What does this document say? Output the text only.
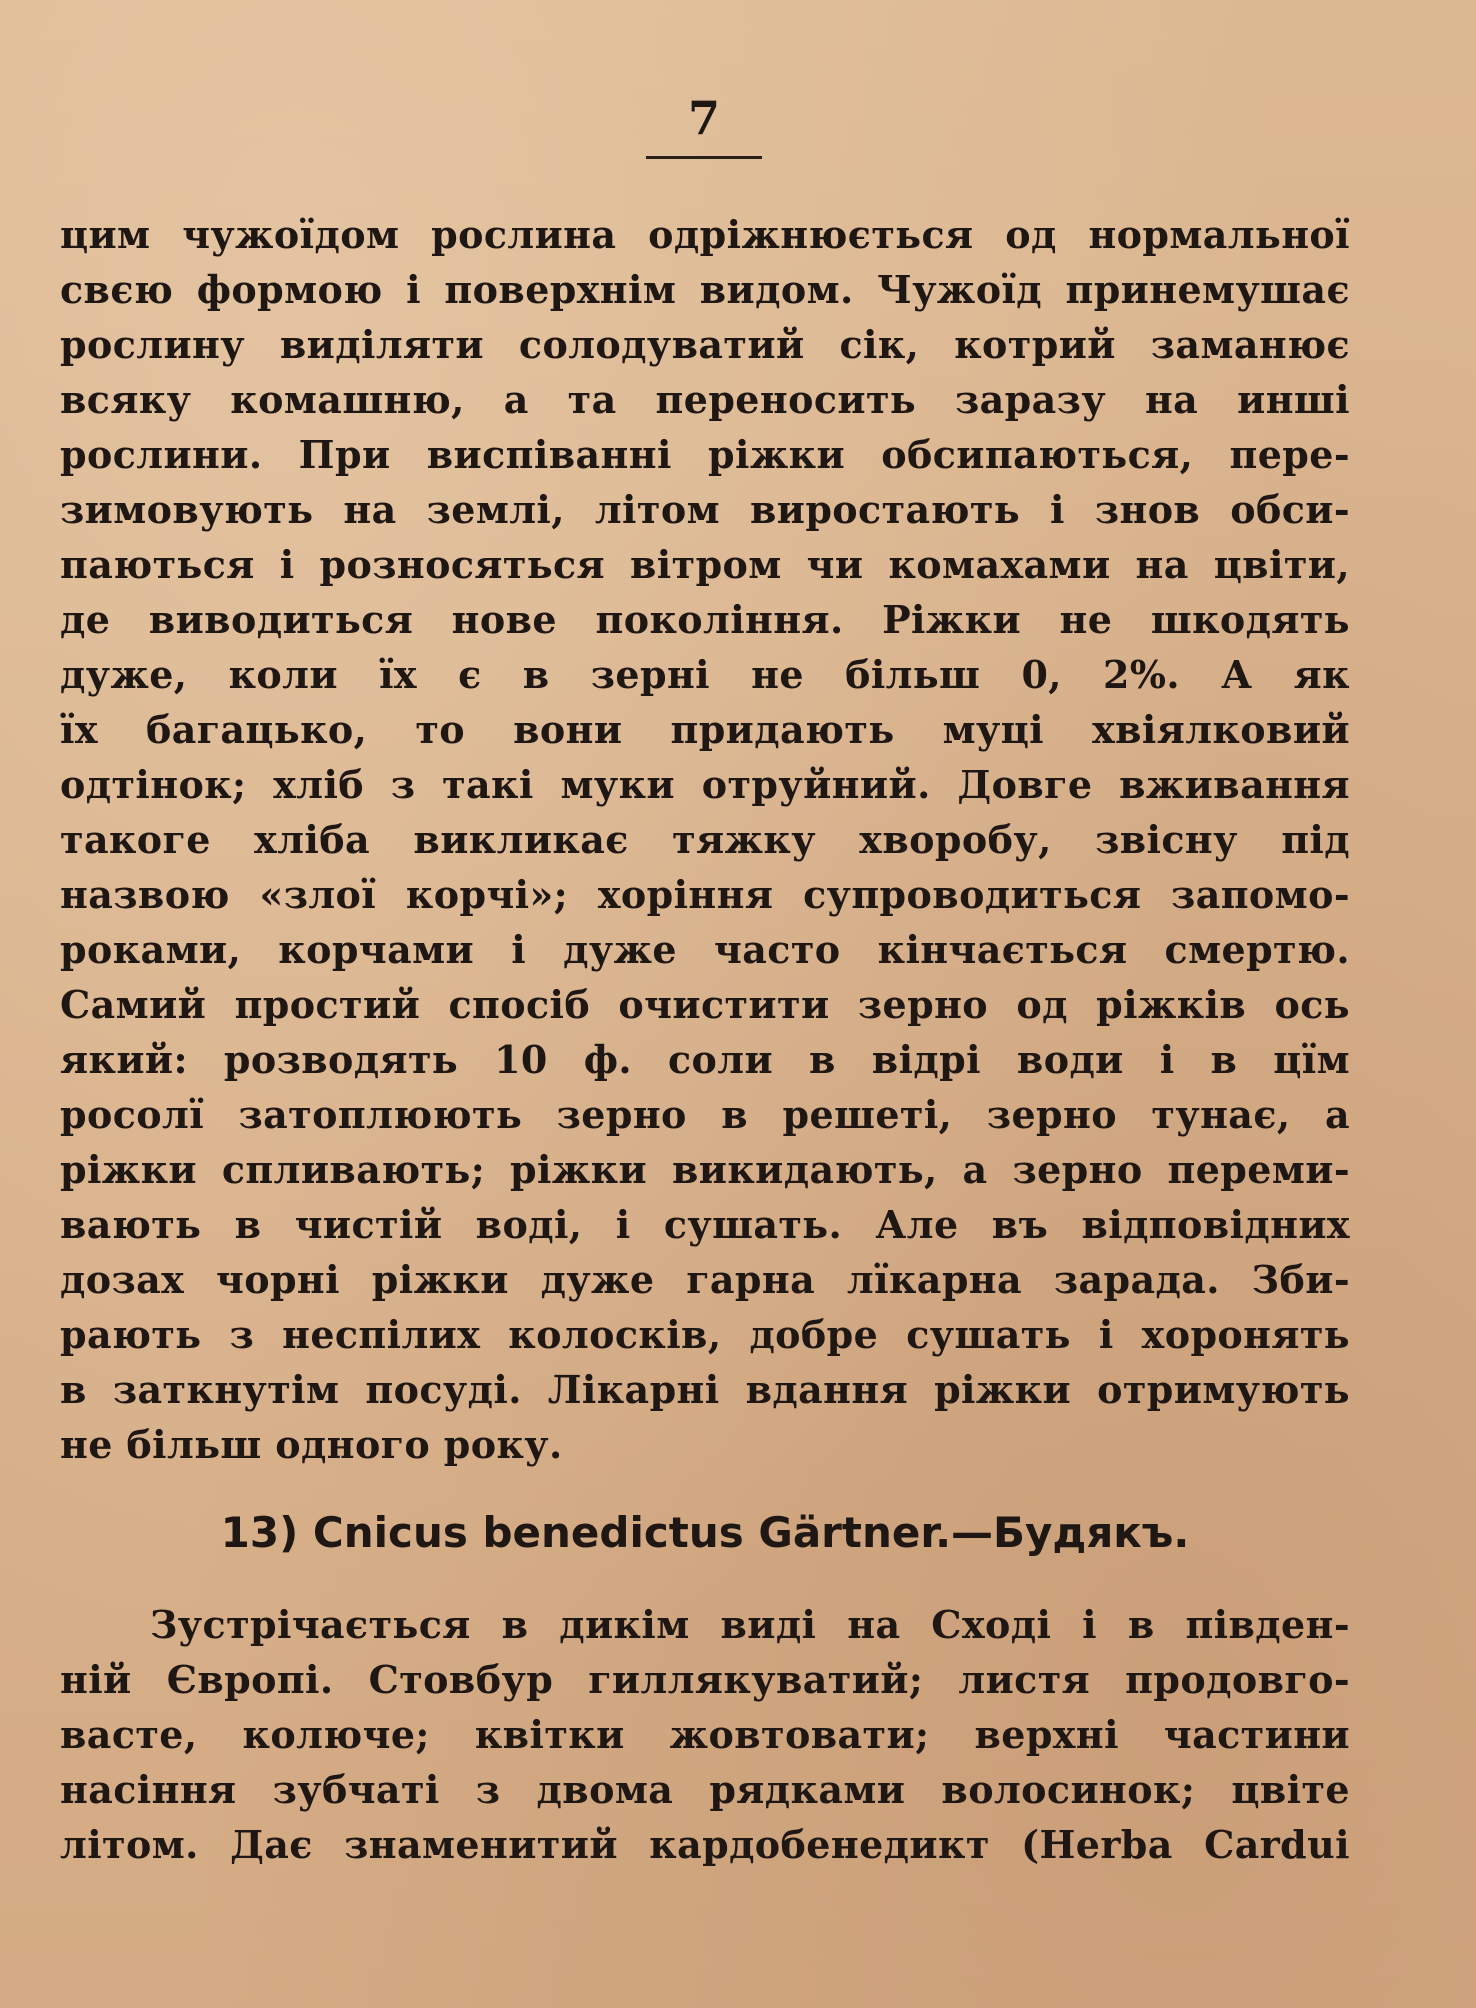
7
цим чужоїдом рослина одріжнюється од нормальної
свєю формою і поверхнім видом. Чужоїд принемушає
рослину виділяти солодуватий сік, котрий заманює
всяку комашню, а та переносить заразу на инші
рослини. При виспіванні ріжки обсипаються, пере-
зимовують на землі, літом виростають і знов обси-
паються і розносяться вітром чи комахами на цвіти,
де виводиться нове покоління. Ріжки не шкодять
дуже, коли їх є в зерні не більш 0, 2%. А як
їх багацько, то вони придають муці хвіялковий
одтінок; хліб з такі муки отруйний. Довге вживання
такоге хліба викликає тяжку хворобу, звісну під
назвою «злої корчі»; хоріння супроводиться запомо-
роками, корчами і дуже часто кінчається смертю.
Самий простий спосіб очистити зерно од ріжків ось
який: розводять 10 ф. соли в відрі води і в цїм
росолї затоплюють зерно в решеті, зерно тунає, а
ріжки спливають; ріжки викидають, а зерно переми-
вають в чистій воді, і сушать. Але въ відповідних
дозах чорні ріжки дуже гарна лїкарна зарада. Зби-
рають з неспілих колосків, добре сушать і хоронять
в заткнутім посуді. Лікарні вдання ріжки отримують
не більш одного року.
13) Cnicus benedictus Gärtner.—Будякъ.
Зустрічається в дикім виді на Сході і в півден-
ній Європі. Стовбур гиллякуватий; листя продовго-
васте, колюче; квітки жовтовати; верхні частини
насіння зубчаті з двома рядками волосинок; цвіте
літом. Дає знаменитий кардобенедикт (Herba Cardui
